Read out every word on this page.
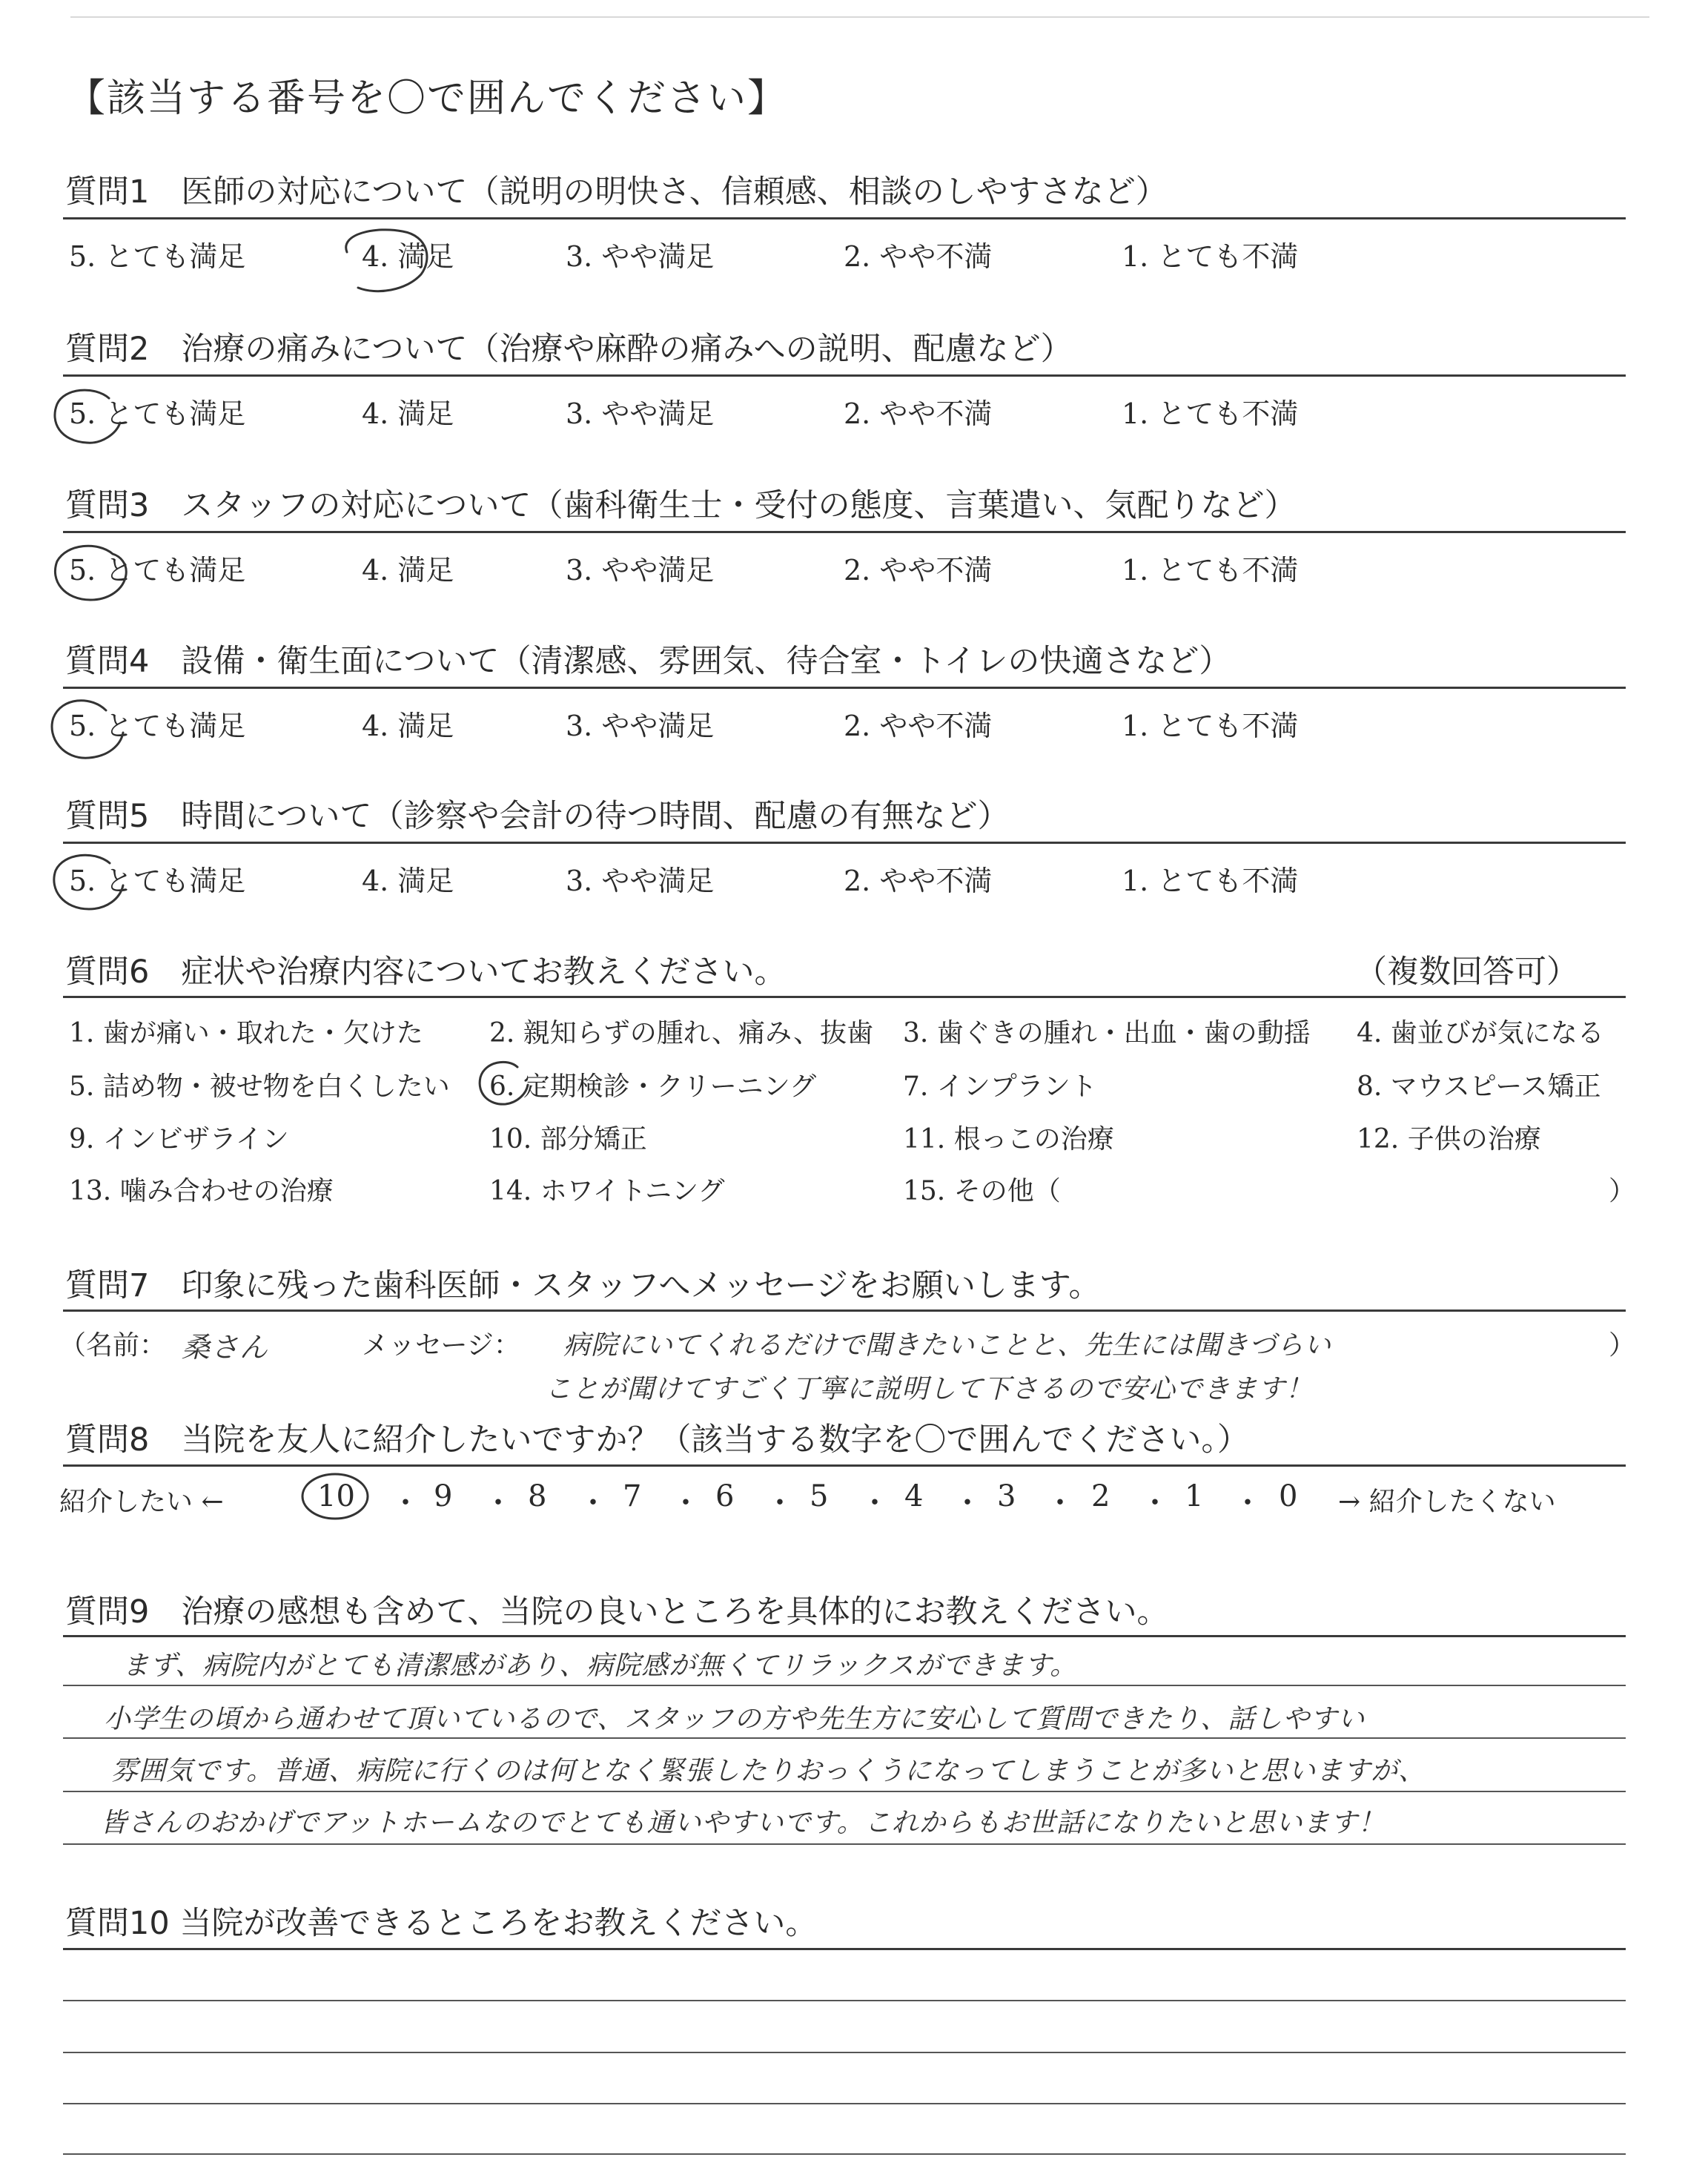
【該当する番号を〇で囲んでください】
質問1　医師の対応について（説明の明快さ、信頼感、相談のしやすさなど）
5. とても満足	4. 満足	3. やや満足	2. やや不満	1. とても不満
質問2　治療の痛みについて（治療や麻酔の痛みへの説明、配慮など）
5. とても満足	4. 満足	3. やや満足	2. やや不満	1. とても不満
質問3　スタッフの対応について（歯科衛生士・受付の態度、言葉遣い、気配りなど）
5. とても満足	4. 満足	3. やや満足	2. やや不満	1. とても不満
質問4　設備・衛生面について（清潔感、雰囲気、待合室・トイレの快適さなど）
5. とても満足	4. 満足	3. やや満足	2. やや不満	1. とても不満
質問5　時間について（診察や会計の待つ時間、配慮の有無など）
5. とても満足	4. 満足	3. やや満足	2. やや不満	1. とても不満
質問6　症状や治療内容についてお教えください。	（複数回答可）
1. 歯が痛い・取れた・欠けた 2. 親知らずの腫れ、痛み、抜歯 3. 歯ぐきの腫れ・出血・歯の動揺 4. 歯並びが気になる
5. 詰め物・被せ物を白くしたい 6. 定期検診・クリーニング	7. インプラント	8. マウスピース矯正
9. インビザライン	10. 部分矯正	11. 根っこの治療	12. 子供の治療
13. 噛み合わせの治療	14. ホワイトニング	15. その他（	）
質問7　印象に残った歯科医師・スタッフへメッセージをお願いします。
（名前： 桑さん	メッセージ： 病院にいてくれるだけで聞きたいことと、先生には聞きづらい
ことが聞けてすごく丁寧に説明して下さるので安心できます！
）
質問8　当院を友人に紹介したいですか？（該当する数字を〇で囲んでください。）
紹介したい ←	10 ・ 9 ・ 8 ・ 7 ・ 6 ・ 5 ・ 4 ・ 3 ・ 2 ・ 1 ・ 0 → 紹介したくない
質問9　治療の感想も含めて、当院の良いところを具体的にお教えください。
まず、病院内がとても清潔感があり、病院感が無くてリラックスができます。
小学生の頃から通わせて頂いているので、スタッフの方や先生方に安心して質問できたり、話しやすい
雰囲気です。普通、病院に行くのは何となく緊張したりおっくうになってしまうことが多いと思いますが、
皆さんのおかげでアットホームなのでとても通いやすいです。これからもお世話になりたいと思います！
質問10 当院が改善できるところをお教えください。
